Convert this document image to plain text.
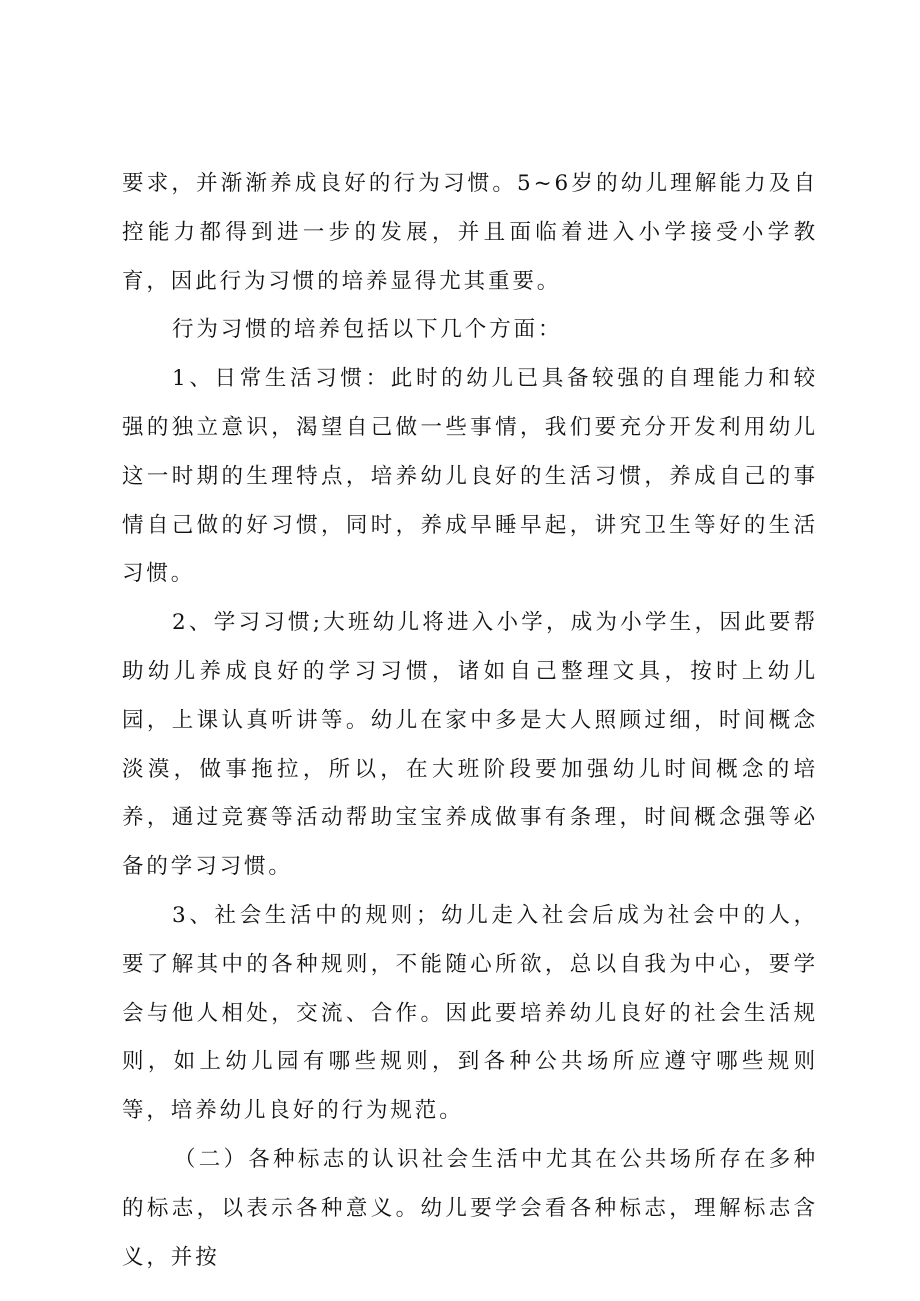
要求，并渐渐养成良好的行为习惯。5~6岁的幼儿理解能力及自控能力都得到进一步的发展，并且面临着进入小学接受小学教育，因此行为习惯的培养显得尤其重要。

行为习惯的培养包括以下几个方面：

1、日常生活习惯：此时的幼儿已具备较强的自理能力和较强的独立意识，渴望自己做一些事情，我们要充分开发利用幼儿这一时期的生理特点，培养幼儿良好的生活习惯，养成自己的事情自己做的好习惯，同时，养成早睡早起，讲究卫生等好的生活习惯。

2、学习习惯;大班幼儿将进入小学，成为小学生，因此要帮助幼儿养成良好的学习习惯，诸如自己整理文具，按时上幼儿园，上课认真听讲等。幼儿在家中多是大人照顾过细，时间概念淡漠，做事拖拉，所以，在大班阶段要加强幼儿时间概念的培养，通过竞赛等活动帮助宝宝养成做事有条理，时间概念强等必备的学习习惯。

3、社会生活中的规则；幼儿走入社会后成为社会中的人，要了解其中的各种规则，不能随心所欲，总以自我为中心，要学会与他人相处，交流、合作。因此要培养幼儿良好的社会生活规则，如上幼儿园有哪些规则，到各种公共场所应遵守哪些规则等，培养幼儿良好的行为规范。

（二）各种标志的认识社会生活中尤其在公共场所存在多种的标志，以表示各种意义。幼儿要学会看各种标志，理解标志含义，并按
